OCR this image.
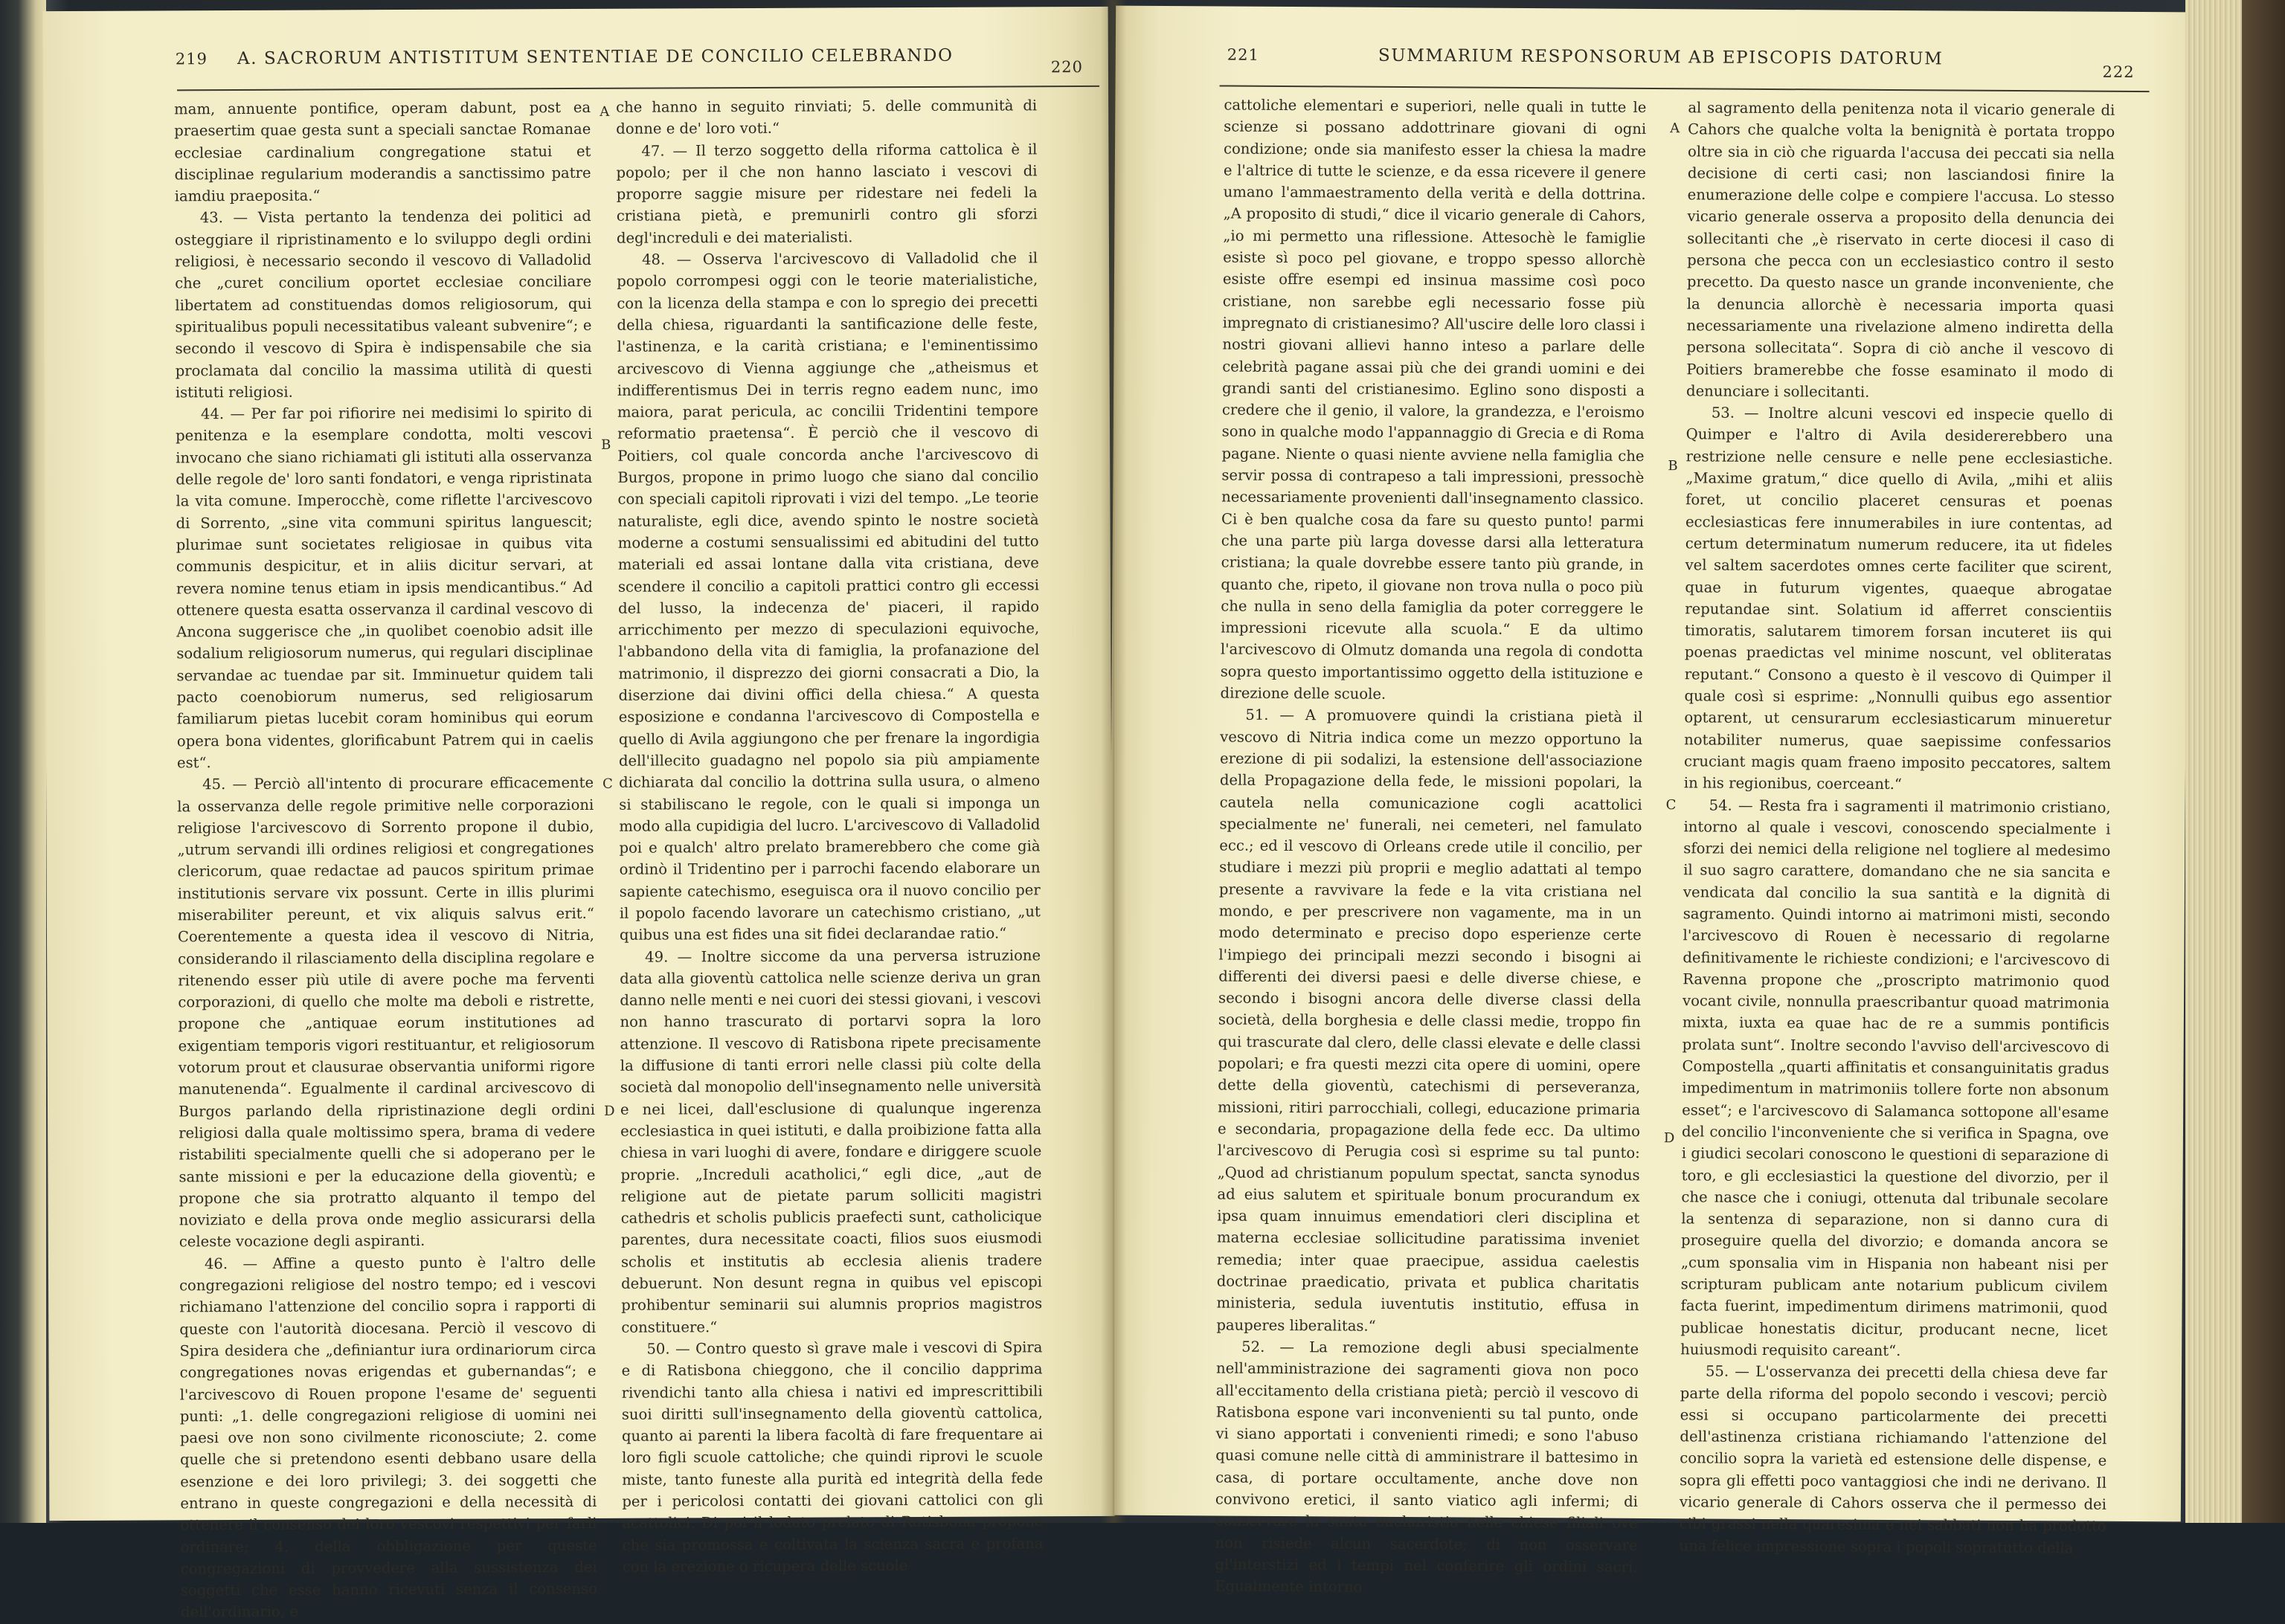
219 A. SACRORUM ANTISTITUM SENTENTIAE DE CONCILIO CELEBRANDO	220

mam, annuente pontifice, operam dabunt, post ea praesertim quae gesta sunt a speciali sanctae Romanae ecclesiae cardinalium congregatione statui et disciplinae regularium moderandis a sanctissimo patre iamdiu praeposita.“

43. — Vista pertanto la tendenza dei politici ad osteggiare il ripristinamento e lo sviluppo degli ordini religiosi, è necessario secondo il vescovo di Valladolid che „curet concilium oportet ecclesiae conciliare libertatem ad constituendas domos religiosorum, qui spiritualibus populi necessitatibus valeant subvenire“; e secondo il vescovo di Spira è indispensabile che sia proclamata dal concilio la massima utilità di questi istituti religiosi.

44. — Per far poi rifiorire nei medisimi lo spirito di penitenza e la esemplare condotta, molti vescovi invocano che siano richiamati gli istituti alla osservanza delle regole de' loro santi fondatori, e venga ripristinata la vita comune. Imperocchè, come riflette l'arcivescovo di Sorrento, „sine vita communi spiritus languescit; plurimae sunt societates religiosae in quibus vita communis despicitur, et in aliis dicitur servari, at revera nomine tenus etiam in ipsis mendicantibus.“ Ad ottenere questa esatta osservanza il cardinal vescovo di Ancona suggerisce che „in quolibet coenobio adsit ille sodalium religiosorum numerus, qui regulari disciplinae servandae ac tuendae par sit. Imminuetur quidem tali pacto coenobiorum numerus, sed religiosarum familiarum pietas lucebit coram hominibus qui eorum opera bona videntes, glorificabunt Patrem qui in caelis est“.

45. — Perciò all'intento di procurare efficacemente la osservanza delle regole primitive nelle corporazioni religiose l'arcivescovo di Sorrento propone il dubio, „utrum servandi illi ordines religiosi et congregationes clericorum, quae redactae ad paucos spiritum primae institutionis servare vix possunt. Certe in illis plurimi miserabiliter pereunt, et vix aliquis salvus erit.“ Coerentemente a questa idea il vescovo di Nitria, considerando il rilasciamento della disciplina regolare e ritenendo esser più utile di avere poche ma ferventi corporazioni, di quello che molte ma deboli e ristrette, propone che „antiquae eorum institutiones ad exigentiam temporis vigori restituantur, et religiosorum votorum prout et clausurae observantia uniformi rigore manutenenda“. Egualmente il cardinal arcivescovo di Burgos parlando della ripristinazione degli ordini religiosi dalla quale moltissimo spera, brama di vedere ristabiliti specialmente quelli che si adoperano per le sante missioni e per la educazione della gioventù; e propone che sia protratto alquanto il tempo del noviziato e della prova onde meglio assicurarsi della celeste vocazione degli aspiranti.

46. — Affine a questo punto è l'altro delle congregazioni religiose del nostro tempo; ed i vescovi richiamano l'attenzione del concilio sopra i rapporti di queste con l'autorità diocesana. Perciò il vescovo di Spira desidera che „definiantur iura ordinariorum circa congregationes novas erigendas et gubernandas“; e l'arcivescovo di Rouen propone l'esame de' seguenti punti: „1. delle congregazioni religiose di uomini nei paesi ove non sono civilmente riconosciute; 2. come quelle che si pretendono esenti debbano usare della esenzione e dei loro privilegi; 3. dei soggetti che entrano in queste congregazioni e della necessità di ottenere il consenso dei loro vescovi respettivi per farli ordinare; 4. della obbligazione per queste congregazioni di provvedere alla sussistenza dei soggetti che esse hanno ricevuti senza il consenso dell'ordinario, e

A
B
C
D

che hanno in seguito rinviati; 5. delle communità di donne e de' loro voti.“

47. — Il terzo soggetto della riforma cattolica è il popolo; per il che non hanno lasciato i vescovi di proporre saggie misure per ridestare nei fedeli la cristiana pietà, e premunirli contro gli sforzi degl'increduli e dei materialisti.

48. — Osserva l'arcivescovo di Valladolid che il popolo corrompesi oggi con le teorie materialistiche, con la licenza della stampa e con lo spregio dei precetti della chiesa, riguardanti la santificazione delle feste, l'astinenza, e la carità cristiana; e l'eminentissimo arcivescovo di Vienna aggiunge che „atheismus et indifferentismus Dei in terris regno eadem nunc, imo maiora, parat pericula, ac concilii Tridentini tempore reformatio praetensa“. È perciò che il vescovo di Poitiers, col quale concorda anche l'arcivescovo di Burgos, propone in primo luogo che siano dal concilio con speciali capitoli riprovati i vizi del tempo. „Le teorie naturaliste, egli dice, avendo spinto le nostre società moderne a costumi sensualissimi ed abitudini del tutto materiali ed assai lontane dalla vita cristiana, deve scendere il concilio a capitoli prattici contro gli eccessi del lusso, la indecenza de' piaceri, il rapido arricchimento per mezzo di speculazioni equivoche, l'abbandono della vita di famiglia, la profanazione del matrimonio, il disprezzo dei giorni consacrati a Dio, la diserzione dai divini offici della chiesa.“ A questa esposizione e condanna l'arcivescovo di Compostella e quello di Avila aggiungono che per frenare la ingordigia dell'illecito guadagno nel popolo sia più ampiamente dichiarata dal concilio la dottrina sulla usura, o almeno si stabiliscano le regole, con le quali si imponga un modo alla cupidigia del lucro. L'arcivescovo di Valladolid poi e qualch' altro prelato bramerebbero che come già ordinò il Tridentino per i parrochi facendo elaborare un sapiente catechismo, eseguisca ora il nuovo concilio per il popolo facendo lavorare un catechismo cristiano, „ut quibus una est fides una sit fidei declarandae ratio.“

49. — Inoltre siccome da una perversa istruzione data alla gioventù cattolica nelle scienze deriva un gran danno nelle menti e nei cuori dei stessi giovani, i vescovi non hanno trascurato di portarvi sopra la loro attenzione. Il vescovo di Ratisbona ripete precisamente la diffusione di tanti errori nelle classi più colte della società dal monopolio dell'insegnamento nelle università e nei licei, dall'esclusione di qualunque ingerenza ecclesiastica in quei istituti, e dalla proibizione fatta alla chiesa in vari luoghi di avere, fondare e diriggere scuole proprie. „Increduli acatholici,“ egli dice, „aut de religione aut de pietate parum solliciti magistri cathedris et scholis publicis praefecti sunt, catholicique parentes, dura necessitate coacti, filios suos eiusmodi scholis et institutis ab ecclesia alienis tradere debuerunt. Non desunt regna in quibus vel episcopi prohibentur seminarii sui alumnis proprios magistros constituere.“

50. — Contro questo sì grave male i vescovi di Spira e di Ratisbona chieggono, che il concilio dapprima rivendichi tanto alla chiesa i nativi ed imprescrittibili suoi diritti sull'insegnamento della gioventù cattolica, quanto ai parenti la libera facoltà di fare frequentare ai loro figli scuole cattoliche; che quindi riprovi le scuole miste, tanto funeste alla purità ed integrità della fede per i pericolosi contatti dei giovani cattolici con gli acattolici. Di poi il lodato prelato di Ratisbona propone che sia promossa e coltivata la scienza sacra e profana con la erezione o ricupera delle scuole

221	SUMMARIUM RESPONSORUM AB EPISCOPIS DATORUM
222

cattoliche elementari e superiori, nelle quali in tutte le scienze si possano addottrinare giovani di ogni condizione; onde sia manifesto esser la chiesa la madre e l'altrice di tutte le scienze, e da essa ricevere il genere umano l'ammaestramento della verità e della dottrina. „A proposito di studi,“ dice il vicario generale di Cahors, „io mi permetto una riflessione. Attesochè le famiglie esiste sì poco pel giovane, e troppo spesso allorchè esiste offre esempi ed insinua massime così poco cristiane, non sarebbe egli necessario fosse più impregnato di cristianesimo? All'uscire delle loro classi i nostri giovani allievi hanno inteso a parlare delle celebrità pagane assai più che dei grandi uomini e dei grandi santi del cristianesimo. Eglino sono disposti a credere che il genio, il valore, la grandezza, e l'eroismo sono in qualche modo l'appannaggio di Grecia e di Roma pagane. Niente o quasi niente avviene nella famiglia che servir possa di contrapeso a tali impressioni, pressochè necessariamente provenienti dall'insegnamento classico. Ci è ben qualche cosa da fare su questo punto! parmi che una parte più larga dovesse darsi alla letteratura cristiana; la quale dovrebbe essere tanto più grande, in quanto che, ripeto, il giovane non trova nulla o poco più che nulla in seno della famiglia da poter correggere le impressioni ricevute alla scuola.“ E da ultimo l'arcivescovo di Olmutz domanda una regola di condotta sopra questo importantissimo oggetto della istituzione e direzione delle scuole.

51. — A promuovere quindi la cristiana pietà il vescovo di Nitria indica come un mezzo opportuno la erezione di pii sodalizi, la estensione dell'associazione della Propagazione della fede, le missioni popolari, la cautela nella comunicazione cogli acattolici specialmente ne' funerali, nei cemeteri, nel famulato ecc.; ed il vescovo di Orleans crede utile il concilio, per studiare i mezzi più proprii e meglio adattati al tempo presente a ravvivare la fede e la vita cristiana nel mondo, e per prescrivere non vagamente, ma in un modo determinato e preciso dopo esperienze certe l'impiego dei principali mezzi secondo i bisogni ai differenti dei diversi paesi e delle diverse chiese, e secondo i bisogni ancora delle diverse classi della società, della borghesia e delle classi medie, troppo fin qui trascurate dal clero, delle classi elevate e delle classi popolari; e fra questi mezzi cita opere di uomini, opere dette della gioventù, catechismi di perseveranza, missioni, ritiri parrocchiali, collegi, educazione primaria e secondaria, propagazione della fede ecc. Da ultimo l'arcivescovo di Perugia così si esprime su tal punto: „Quod ad christianum populum spectat, sancta synodus ad eius salutem et spirituale bonum procurandum ex ipsa quam innuimus emendatiori cleri disciplina et materna ecclesiae sollicitudine paratissima inveniet remedia; inter quae praecipue, assidua caelestis doctrinae praedicatio, privata et publica charitatis ministeria, sedula iuventutis institutio, effusa in pauperes liberalitas.“

52. — La remozione degli abusi specialmente nell'amministrazione dei sagramenti giova non poco all'eccitamento della cristiana pietà; perciò il vescovo di Ratisbona espone vari inconvenienti su tal punto, onde vi siano apportati i convenienti rimedi; e sono l'abuso quasi comune nelle città di amministrare il battesimo in casa, di portare occultamente, anche dove non convivono eretici, il santo viatico agli infermi; di conservare la santa eucharistia nelle chiese filiali ove non risiede alcun sacerdote; di non osservare gl'interstizi ed i tempi nel conferire gli ordini sacri. Egualmente intorno

A
B
C
D

al sagramento della penitenza nota il vicario generale di Cahors che qualche volta la benignità è portata troppo oltre sia in ciò che riguarda l'accusa dei peccati sia nella decisione di certi casi; non lasciandosi finire la enumerazione delle colpe e compiere l'accusa. Lo stesso vicario generale osserva a proposito della denuncia dei sollecitanti che „è riservato in certe diocesi il caso di persona che pecca con un ecclesiastico contro il sesto precetto. Da questo nasce un grande inconveniente, che la denuncia allorchè è necessaria importa quasi necessariamente una rivelazione almeno indiretta della persona sollecitata“. Sopra di ciò anche il vescovo di Poitiers bramerebbe che fosse esaminato il modo di denunciare i sollecitanti.

53. — Inoltre alcuni vescovi ed inspecie quello di Quimper e l'altro di Avila desidererebbero una restrizione nelle censure e nelle pene ecclesiastiche. „Maxime gratum,“ dice quello di Avila, „mihi et aliis foret, ut concilio placeret censuras et poenas ecclesiasticas fere innumerabiles in iure contentas, ad certum determinatum numerum reducere, ita ut fideles vel saltem sacerdotes omnes certe faciliter que scirent, quae in futurum vigentes, quaeque abrogatae reputandae sint. Solatium id afferret conscientiis timoratis, salutarem timorem forsan incuteret iis qui poenas praedictas vel minime noscunt, vel obliteratas reputant.“ Consono a questo è il vescovo di Quimper il quale così si esprime: „Nonnulli quibus ego assentior optarent, ut censurarum ecclesiasticarum minueretur notabiliter numerus, quae saepissime confessarios cruciant magis quam fraeno imposito peccatores, saltem in his regionibus, coerceant.“

54. — Resta fra i sagramenti il matrimonio cristiano, intorno al quale i vescovi, conoscendo specialmente i sforzi dei nemici della religione nel togliere al medesimo il suo sagro carattere, domandano che ne sia sancita e vendicata dal concilio la sua santità e la dignità di sagramento. Quindi intorno ai matrimoni misti, secondo l'arcivescovo di Rouen è necessario di regolarne definitivamente le richieste condizioni; e l'arcivescovo di Ravenna propone che „proscripto matrimonio quod vocant civile, nonnulla praescribantur quoad matrimonia mixta, iuxta ea quae hac de re a summis pontificis prolata sunt“. Inoltre secondo l'avviso dell'arcivescovo di Compostella „quarti affinitatis et consanguinitatis gradus impedimentum in matrimoniis tollere forte non absonum esset“; e l'arcivescovo di Salamanca sottopone all'esame del concilio l'inconveniente che si verifica in Spagna, ove i giudici secolari conoscono le questioni di separazione di toro, e gli ecclesiastici la questione del divorzio, per il che nasce che i coniugi, ottenuta dal tribunale secolare la sentenza di separazione, non si danno cura di proseguire quella del divorzio; e domanda ancora se „cum sponsalia vim in Hispania non habeant nisi per scripturam publicam ante notarium publicum civilem facta fuerint, impedimentum dirimens matrimonii, quod publicae honestatis dicitur, producant necne, licet huiusmodi requisito careant“.

55. — L'osservanza dei precetti della chiesa deve far parte della riforma del popolo secondo i vescovi; perciò essi si occupano particolarmente dei precetti dell'astinenza cristiana richiamando l'attenzione del concilio sopra la varietà ed estensione delle dispense, e sopra gli effetti poco vantaggiosi che indi ne derivano. Il vicario generale di Cahors osserva che il permesso dei cibi grassi nella quaresima e nei sabbati non ha prodotto una felice impressione sopra i popoli sopratutto della
